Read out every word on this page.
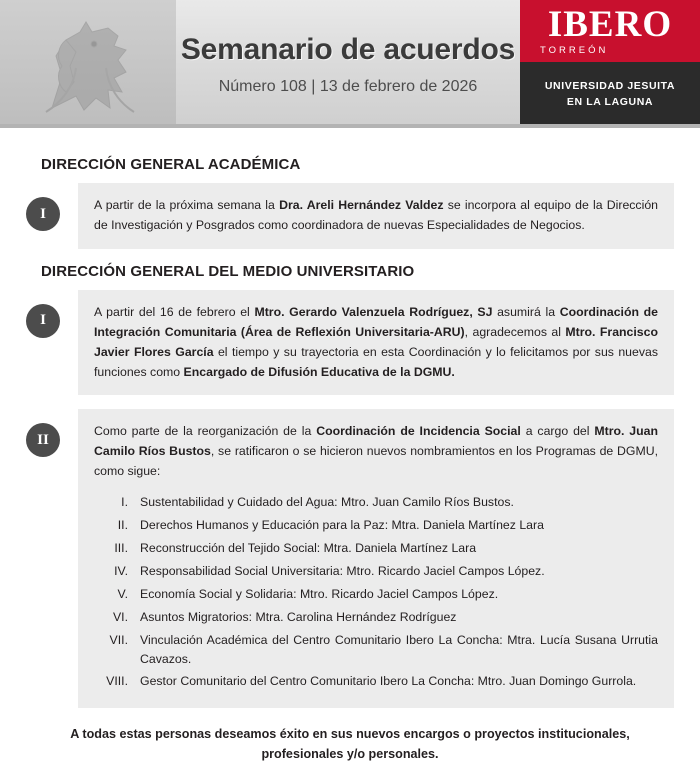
Semanario de acuerdos
Número 108 | 13 de febrero de 2026
IBERO
TORREÓN
UNIVERSIDAD JESUITA
EN LA LAGUNA
DIRECCIÓN GENERAL ACADÉMICA
I
A partir de la próxima semana la Dra. Areli Hernández Valdez se incorpora al equipo de la Dirección de Investigación y Posgrados como coordinadora de nuevas Especialidades de Negocios.
DIRECCIÓN GENERAL DEL MEDIO UNIVERSITARIO
I
A partir del 16 de febrero el Mtro. Gerardo Valenzuela Rodríguez, SJ asumirá la Coordinación de Integración Comunitaria (Área de Reflexión Universitaria-ARU), agradecemos al Mtro. Francisco Javier Flores García el tiempo y su trayectoria en esta Coordinación y lo felicitamos por sus nuevas funciones como Encargado de Difusión Educativa de la DGMU.
II
Como parte de la reorganización de la Coordinación de Incidencia Social a cargo del Mtro. Juan Camilo Ríos Bustos, se ratificaron o se hicieron nuevos nombramientos en los Programas de DGMU, como sigue:
I. Sustentabilidad y Cuidado del Agua: Mtro. Juan Camilo Ríos Bustos.
II. Derechos Humanos y Educación para la Paz: Mtra. Daniela Martínez Lara
III. Reconstrucción del Tejido Social: Mtra. Daniela Martínez Lara
IV. Responsabilidad Social Universitaria: Mtro. Ricardo Jaciel Campos López.
V. Economía Social y Solidaria: Mtro. Ricardo Jaciel Campos López.
VI. Asuntos Migratorios: Mtra. Carolina Hernández Rodríguez
VII. Vinculación Académica del Centro Comunitario Ibero La Concha: Mtra. Lucía Susana Urrutia Cavazos.
VIII. Gestor Comunitario del Centro Comunitario Ibero La Concha: Mtro. Juan Domingo Gurrola.
A todas estas personas deseamos éxito en sus nuevos encargos o proyectos institucionales, profesionales y/o personales.
